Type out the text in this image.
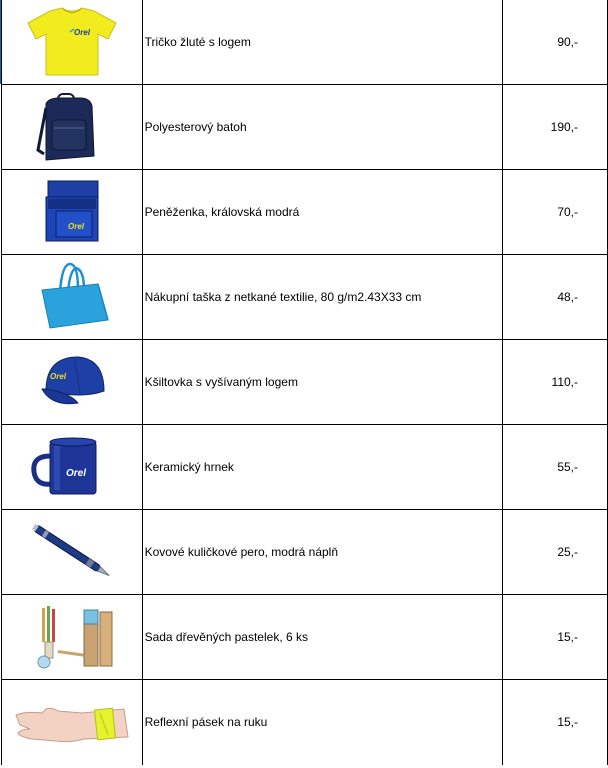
Orel	Tričko žluté s logem	90,-

	Polyesterový batoh	190,-

Orel	Peněženka, královská modrá	70,-

	Nákupní taška z netkané textilie, 80 g/m2.43X33 cm	48,-

Orel	Kšiltovka s vyšívaným logem	110,-

Orel	Keramický hrnek	55,-

	Kovové kuličkové pero, modrá náplň	25,-

	Sada dřevěných pastelek, 6 ks	15,-

	Reflexní pásek na ruku	15,-
